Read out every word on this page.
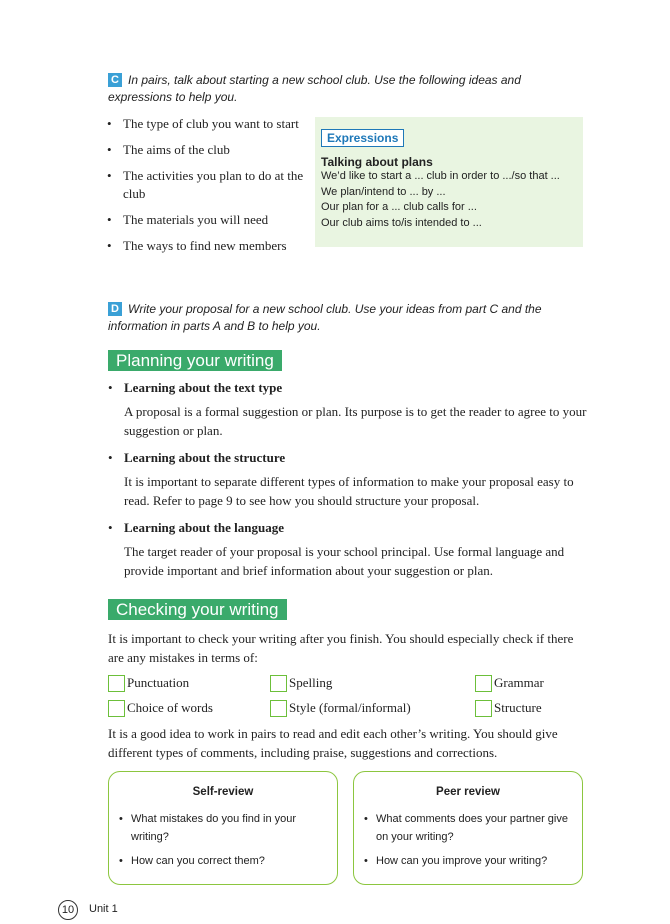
C In pairs, talk about starting a new school club. Use the following ideas and expressions to help you.
• The type of club you want to start
• The aims of the club
• The activities you plan to do at the club
• The materials you will need
• The ways to find new members
Expressions
Talking about plans
We’d like to start a ... club in order to .../so that ...
We plan/intend to ... by ...
Our plan for a ... club calls for ...
Our club aims to/is intended to ...
D Write your proposal for a new school club. Use your ideas from part C and the information in parts A and B to help you.
Planning your writing
• Learning about the text type
A proposal is a formal suggestion or plan. Its purpose is to get the reader to agree to your suggestion or plan.
• Learning about the structure
It is important to separate different types of information to make your proposal easy to read. Refer to page 9 to see how you should structure your proposal.
• Learning about the language
The target reader of your proposal is your school principal. Use formal language and provide important and brief information about your suggestion or plan.
Checking your writing
It is important to check your writing after you finish. You should especially check if there are any mistakes in terms of:
Punctuation	Spelling	Grammar
Choice of words	Style (formal/informal)	Structure
It is a good idea to work in pairs to read and edit each other’s writing. You should give different types of comments, including praise, suggestions and corrections.
Self-review
• What mistakes do you find in your writing?
• How can you correct them?
Peer review
• What comments does your partner give on your writing?
• How can you improve your writing?
10	Unit 1
